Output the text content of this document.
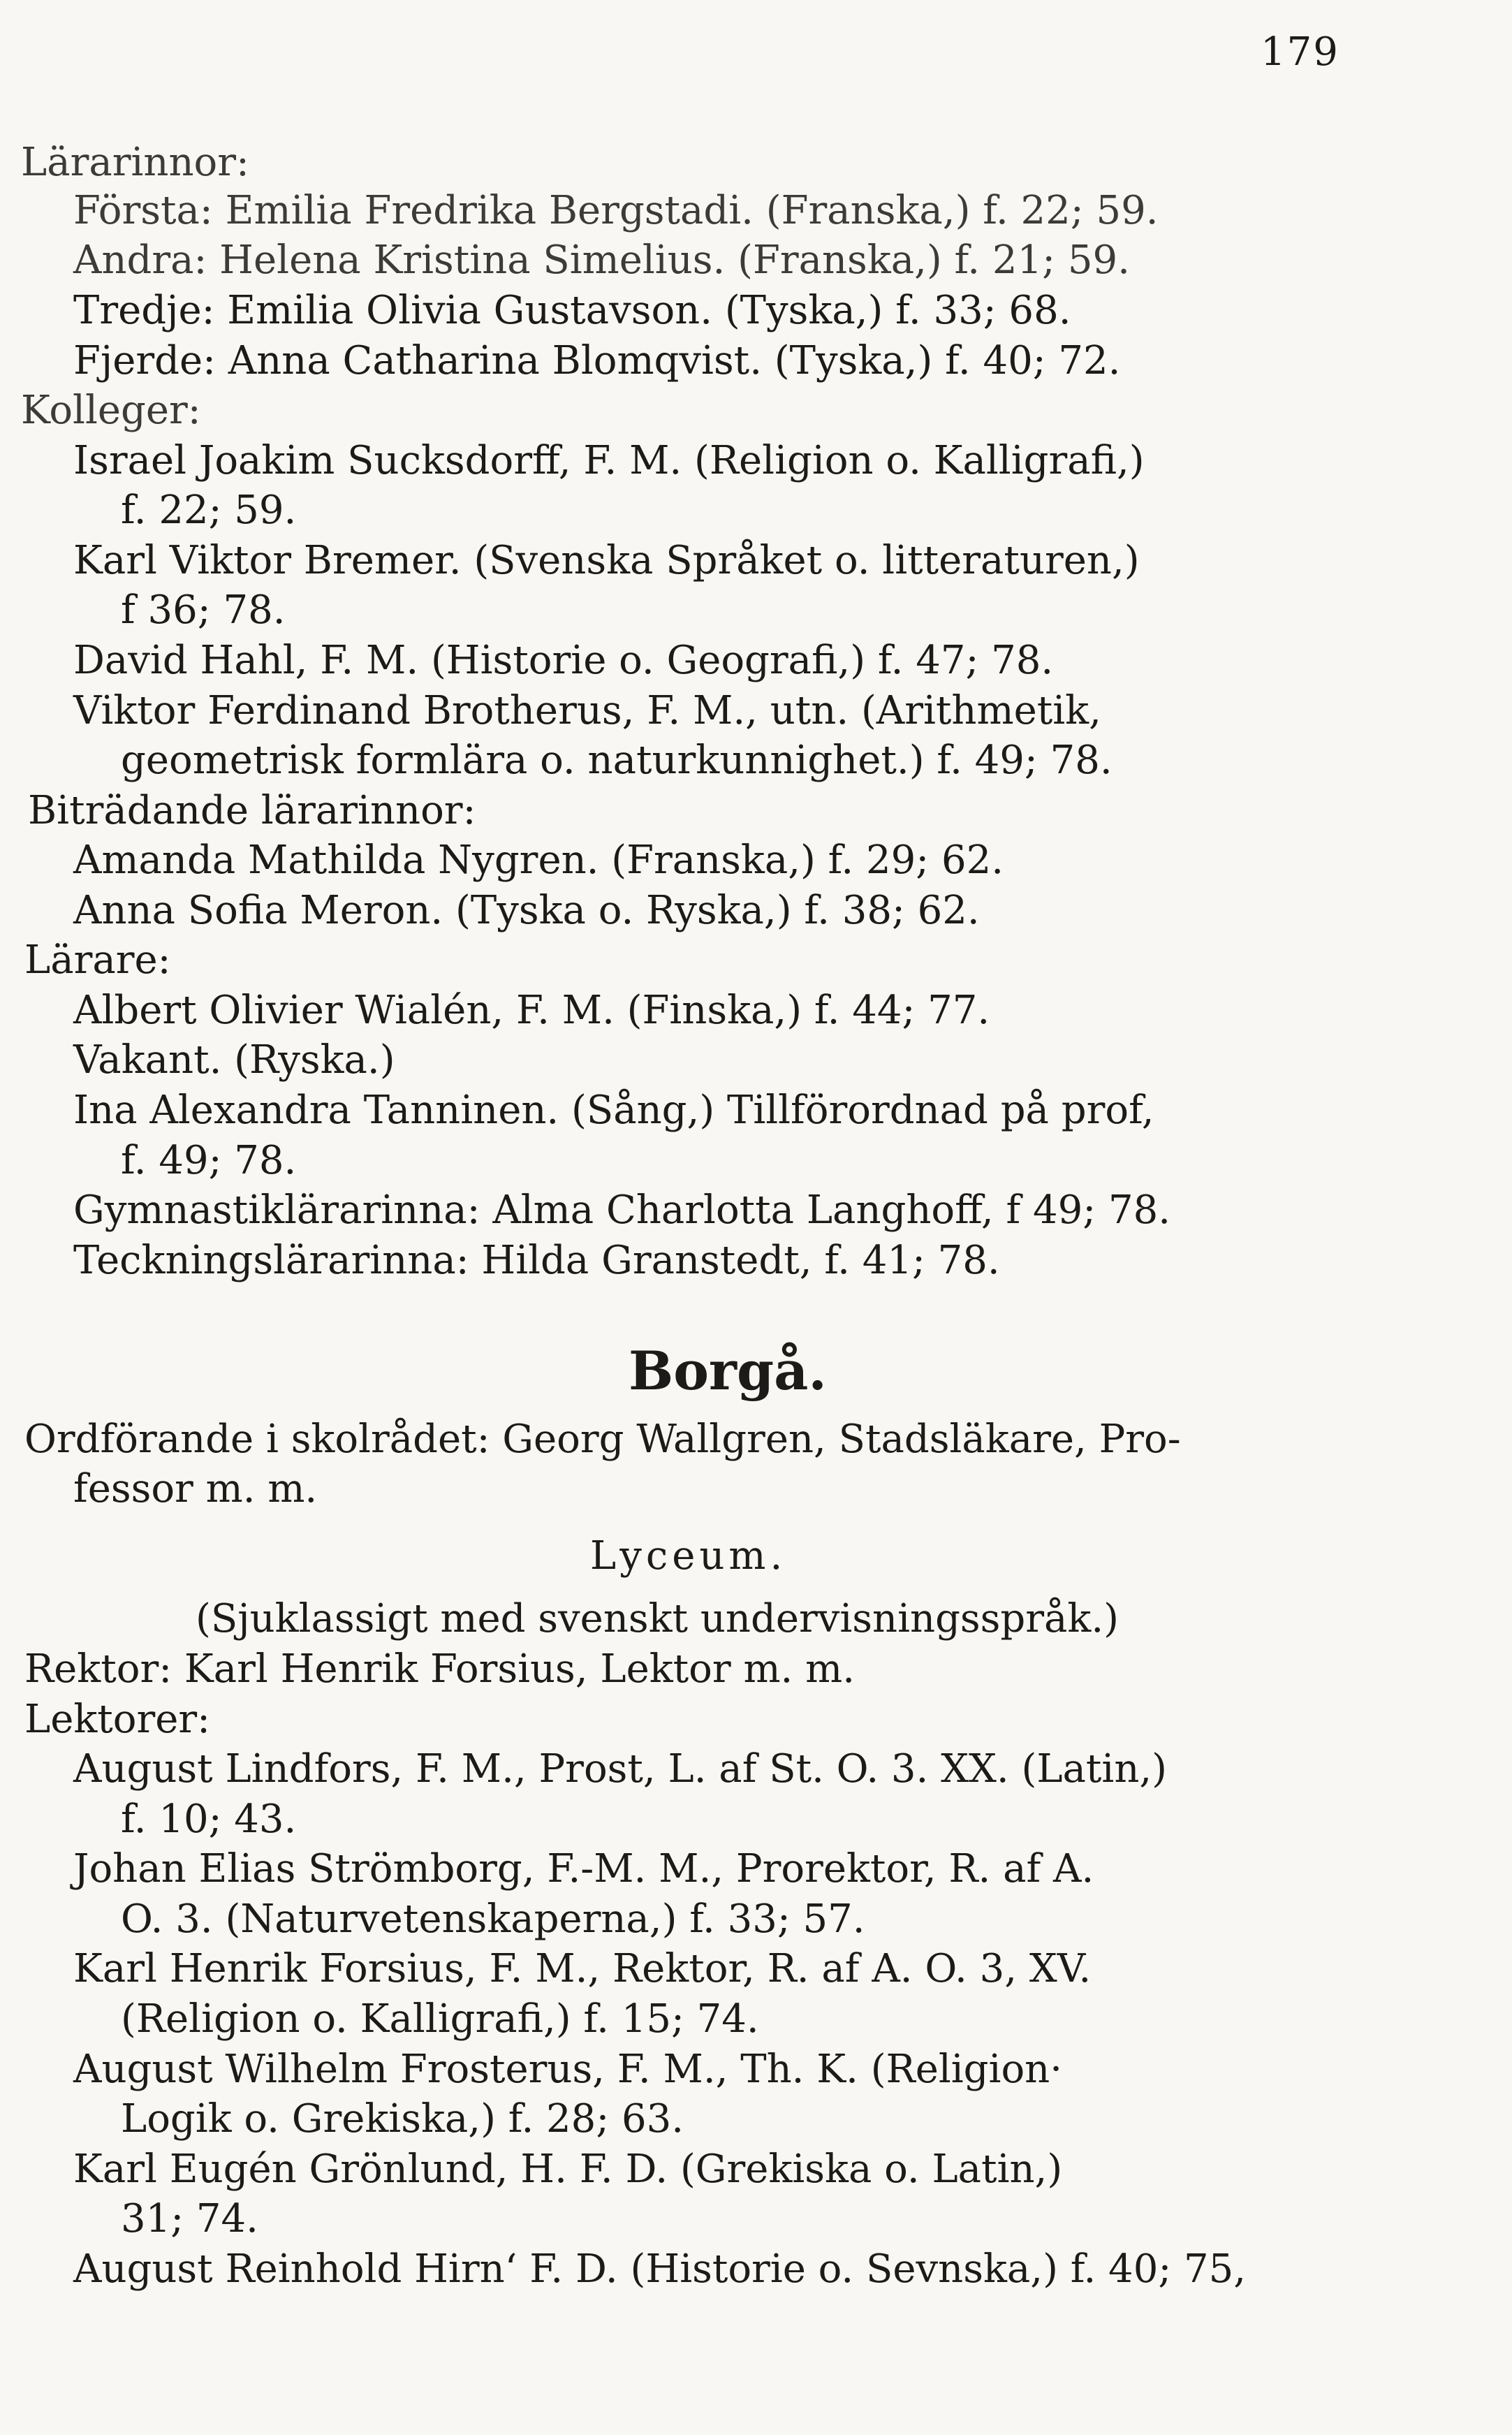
179
Lärarinnor:
Första: Emilia Fredrika Bergstadi. (Franska,) f. 22; 59.
Andra: Helena Kristina Simelius. (Franska,) f. 21; 59.
Tredje: Emilia Olivia Gustavson. (Tyska,) f. 33; 68.
Fjerde: Anna Catharina Blomqvist. (Tyska,) f. 40; 72.
Kolleger:
Israel Joakim Sucksdorff, F. M. (Religion o. Kalligrafi,)
f. 22; 59.
Karl Viktor Bremer. (Svenska Språket o. litteraturen,)
f 36; 78.
David Hahl, F. M. (Historie o. Geografi,) f. 47; 78.
Viktor Ferdinand Brotherus, F. M., utn. (Arithmetik,
geometrisk formlära o. naturkunnighet.) f. 49; 78.
Biträdande lärarinnor:
Amanda Mathilda Nygren. (Franska,) f. 29; 62.
Anna Sofia Meron. (Tyska o. Ryska,) f. 38; 62.
Lärare:
Albert Olivier Wialén, F. M. (Finska,) f. 44; 77.
Vakant. (Ryska.)
Ina Alexandra Tanninen. (Sång,) Tillförordnad på prof,
f. 49; 78.
Gymnastiklärarinna: Alma Charlotta Langhoff, f 49; 78.
Teckningslärarinna: Hilda Granstedt, f. 41; 78.
Borgå.
Ordförande i skolrådet: Georg Wallgren, Stadsläkare, Pro-
fessor m. m.
Lyceum.
(Sjuklassigt med svenskt undervisningsspråk.)
Rektor: Karl Henrik Forsius, Lektor m. m.
Lektorer:
August Lindfors, F. M., Prost, L. af St. O. 3. XX. (Latin,)
f. 10; 43.
Johan Elias Strömborg, F.-M. M., Prorektor, R. af A.
O. 3. (Naturvetenskaperna,) f. 33; 57.
Karl Henrik Forsius, F. M., Rektor, R. af A. O. 3, XV.
(Religion o. Kalligrafi,) f. 15; 74.
August Wilhelm Frosterus, F. M., Th. K. (Religion·
Logik o. Grekiska,) f. 28; 63.
Karl Eugén Grönlund, H. F. D. (Grekiska o. Latin,)
31; 74.
August Reinhold Hirn‘ F. D. (Historie o. Sevnska,) f. 40; 75,
